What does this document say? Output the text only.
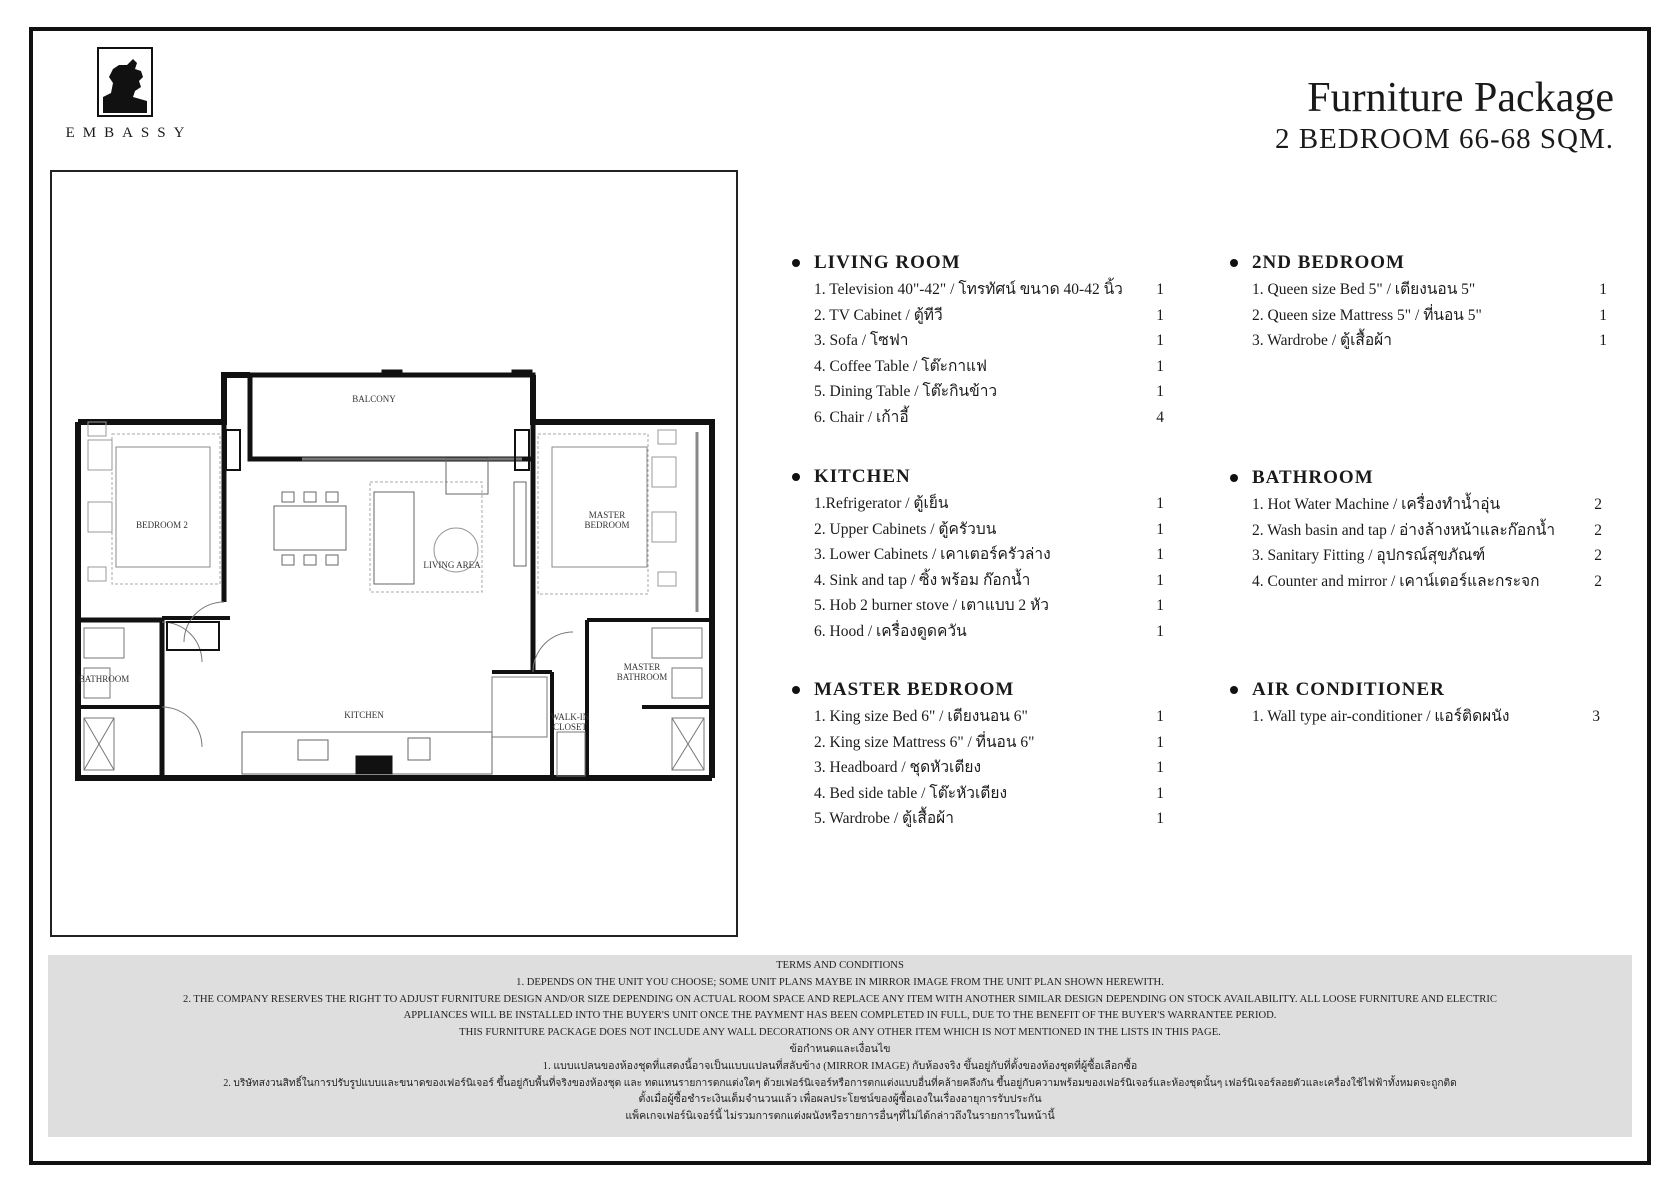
EMBASSY
Furniture Package
2 BEDROOM 66-68 SQM.
BALCONY
BEDROOM 2
MASTER
BEDROOM
LIVING AREA
BATHROOM
KITCHEN
MASTER
BATHROOM
WALK-IN
CLOSET
LIVING ROOM
1. Television 40"-42" / โทรทัศน์ ขนาด 40-42 นิ้ว 1
2. TV Cabinet / ตู้ทีวี	1
3. Sofa / โซฟา	1
4. Coffee Table / โต๊ะกาแฟ	1
5. Dining Table / โต๊ะกินข้าว	1
6. Chair / เก้าอี้	4
KITCHEN
1.Refrigerator / ตู้เย็น	1
2. Upper Cabinets / ตู้ครัวบน	1
3. Lower Cabinets / เคาเตอร์ครัวล่าง	1
4. Sink and tap / ซิ้ง พร้อม ก๊อกน้ำ	1
5. Hob 2 burner stove / เตาแบบ 2 หัว	1
6. Hood / เครื่องดูดควัน	1
MASTER BEDROOM
1. King size Bed 6" / เตียงนอน 6"	1
2. King size Mattress 6" / ที่นอน 6"	1
3. Headboard / ชุดหัวเตียง	1
4. Bed side table / โต๊ะหัวเตียง	1
5. Wardrobe / ตู้เสื้อผ้า	1
2ND BEDROOM
1. Queen size Bed 5" / เตียงนอน 5"	1
2. Queen size Mattress 5" / ที่นอน 5"	1
3. Wardrobe / ตู้เสื้อผ้า	1
BATHROOM
1. Hot Water Machine / เครื่องทำน้ำอุ่น	2
2. Wash basin and tap / อ่างล้างหน้าและก๊อกน้ำ	2
3. Sanitary Fitting / อุปกรณ์สุขภัณฑ์	2
4. Counter and mirror / เคาน์เตอร์และกระจก	2
AIR CONDITIONER
1. Wall type air-conditioner / แอร์ติดผนัง	3
TERMS AND CONDITIONS
1. DEPENDS ON THE UNIT YOU CHOOSE; SOME UNIT PLANS MAYBE IN MIRROR IMAGE FROM THE UNIT PLAN SHOWN HEREWITH.
2. THE COMPANY RESERVES THE RIGHT TO ADJUST FURNITURE DESIGN AND/OR SIZE DEPENDING ON ACTUAL ROOM SPACE AND REPLACE ANY ITEM WITH ANOTHER SIMILAR DESIGN DEPENDING ON STOCK AVAILABILITY. ALL LOOSE FURNITURE AND ELECTRIC
APPLIANCES WILL BE INSTALLED INTO THE BUYER'S UNIT ONCE THE PAYMENT HAS BEEN COMPLETED IN FULL, DUE TO THE BENEFIT OF THE BUYER'S WARRANTEE PERIOD.
THIS FURNITURE PACKAGE DOES NOT INCLUDE ANY WALL DECORATIONS OR ANY OTHER ITEM WHICH IS NOT MENTIONED IN THE LISTS IN THIS PAGE.
ข้อกำหนดและเงื่อนไข
1. แบบแปลนของห้องชุดที่แสดงนี้อาจเป็นแบบแปลนที่สลับข้าง (MIRROR IMAGE) กับห้องจริง ขึ้นอยู่กับที่ตั้งของห้องชุดที่ผู้ซื้อเลือกซื้อ
2. บริษัทสงวนสิทธิ์ในการปรับรูปแบบและขนาดของเฟอร์นิเจอร์ ขึ้นอยู่กับพื้นที่จริงของห้องชุด และ ทดแทนรายการตกแต่งใดๆ ด้วยเฟอร์นิเจอร์หรือการตกแต่งแบบอื่นที่คล้ายคลึงกัน ขึ้นอยู่กับความพร้อมของเฟอร์นิเจอร์และห้องชุดนั้นๆ เฟอร์นิเจอร์ลอยตัวและเครื่องใช้ไฟฟ้าทั้งหมดจะถูกติด
ตั้งเมื่อผู้ซื้อชำระเงินเต็มจำนวนแล้ว เพื่อผลประโยชน์ของผู้ซื้อเองในเรื่องอายุการรับประกัน
แพ็คเกจเฟอร์นิเจอร์นี้ ไม่รวมการตกแต่งผนังหรือรายการอื่นๆที่ไม่ได้กล่าวถึงในรายการในหน้านี้
